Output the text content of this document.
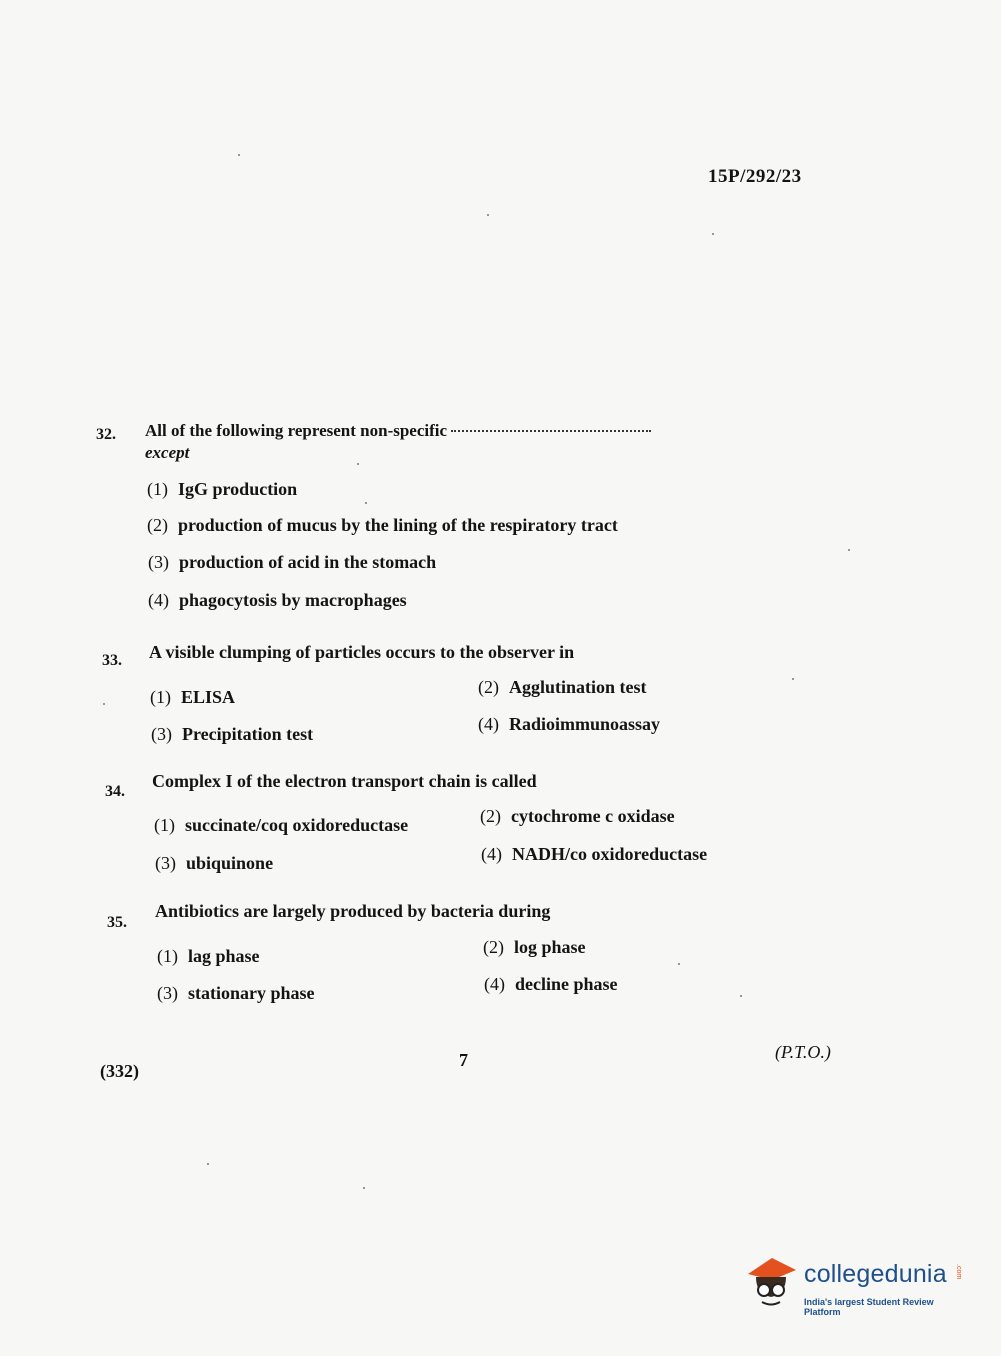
15P/292/23
32. All of the following represent non-specific
except
(1) IgG production
(2) production of mucus by the lining of the respiratory tract
(3) production of acid in the stomach
(4) phagocytosis by macrophages
33. A visible clumping of particles occurs to the observer in
(1) ELISA	(2) Agglutination test
(3) Precipitation test	(4) Radioimmunoassay
34.
Complex I of the electron transport chain is called
(1) succinate/coq oxidoreductase	(2) cytochrome c oxidase
(3) ubiquinone	(4) NADH/co oxidoreductase
35.
Antibiotics are largely produced by bacteria during
(1) lag phase	(2) log phase
(3) stationary phase	(4) decline phase
(332)
7	(P.T.O.)
collegedunia .com
India's largest Student Review Platform
